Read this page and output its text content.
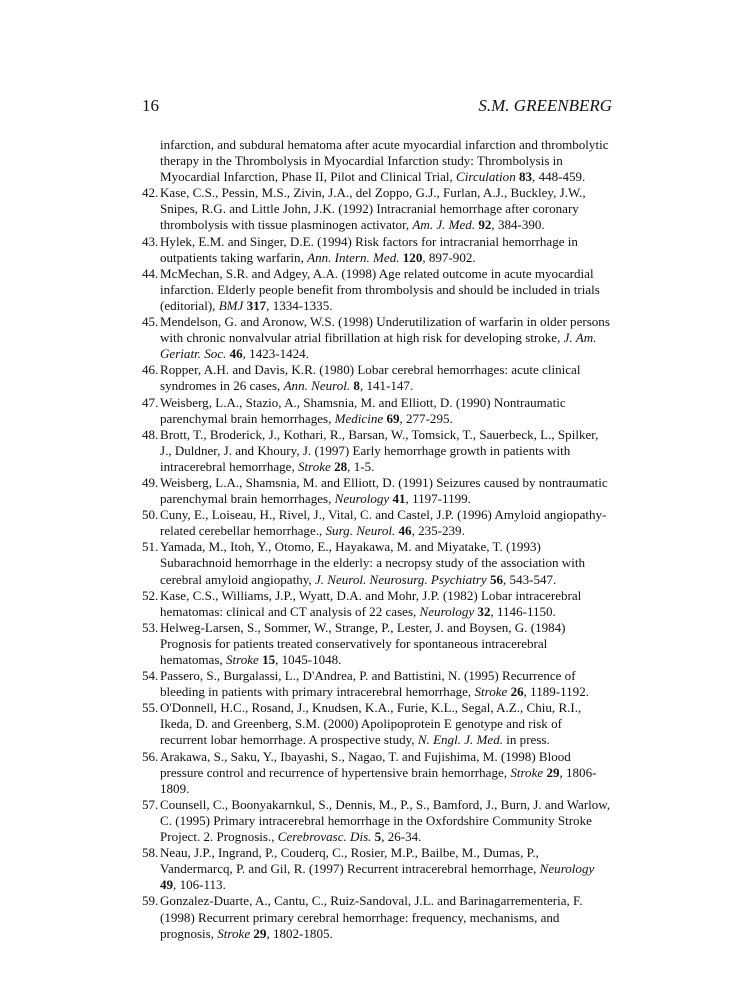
16	S.M. GREENBERG

infarction, and subdural hematoma after acute myocardial infarction and thrombolytic therapy in the Thrombolysis in Myocardial Infarction study: Thrombolysis in Myocardial Infarction, Phase II, Pilot and Clinical Trial, Circulation 83, 448-459.

42. Kase, C.S., Pessin, M.S., Zivin, J.A., del Zoppo, G.J., Furlan, A.J., Buckley, J.W., Snipes, R.G. and Little John, J.K. (1992) Intracranial hemorrhage after coronary thrombolysis with tissue plasminogen activator, Am. J. Med. 92, 384-390.

43. Hylek, E.M. and Singer, D.E. (1994) Risk factors for intracranial hemorrhage in outpatients taking warfarin, Ann. Intern. Med. 120, 897-902.

44. McMechan, S.R. and Adgey, A.A. (1998) Age related outcome in acute myocardial infarction. Elderly people benefit from thrombolysis and should be included in trials (editorial), BMJ 317, 1334-1335.

45. Mendelson, G. and Aronow, W.S. (1998) Underutilization of warfarin in older persons with chronic nonvalvular atrial fibrillation at high risk for developing stroke, J. Am. Geriatr. Soc. 46, 1423-1424.

46. Ropper, A.H. and Davis, K.R. (1980) Lobar cerebral hemorrhages: acute clinical syndromes in 26 cases, Ann. Neurol. 8, 141-147.

47. Weisberg, L.A., Stazio, A., Shamsnia, M. and Elliott, D. (1990) Nontraumatic parenchymal brain hemorrhages, Medicine 69, 277-295.

48. Brott, T., Broderick, J., Kothari, R., Barsan, W., Tomsick, T., Sauerbeck, L., Spilker, J., Duldner, J. and Khoury, J. (1997) Early hemorrhage growth in patients with intracerebral hemorrhage, Stroke 28, 1-5.

49. Weisberg, L.A., Shamsnia, M. and Elliott, D. (1991) Seizures caused by nontraumatic parenchymal brain hemorrhages, Neurology 41, 1197-1199.

50. Cuny, E., Loiseau, H., Rivel, J., Vital, C. and Castel, J.P. (1996) Amyloid angiopathy-related cerebellar hemorrhage., Surg. Neurol. 46, 235-239.

51. Yamada, M., Itoh, Y., Otomo, E., Hayakawa, M. and Miyatake, T. (1993) Subarachnoid hemorrhage in the elderly: a necropsy study of the association with cerebral amyloid angiopathy, J. Neurol. Neurosurg. Psychiatry 56, 543-547.

52. Kase, C.S., Williams, J.P., Wyatt, D.A. and Mohr, J.P. (1982) Lobar intracerebral hematomas: clinical and CT analysis of 22 cases, Neurology 32, 1146-1150.

53. Helweg-Larsen, S., Sommer, W., Strange, P., Lester, J. and Boysen, G. (1984) Prognosis for patients treated conservatively for spontaneous intracerebral hematomas, Stroke 15, 1045-1048.

54. Passero, S., Burgalassi, L., D'Andrea, P. and Battistini, N. (1995) Recurrence of bleeding in patients with primary intracerebral hemorrhage, Stroke 26, 1189-1192.

55. O'Donnell, H.C., Rosand, J., Knudsen, K.A., Furie, K.L., Segal, A.Z., Chiu, R.I., Ikeda, D. and Greenberg, S.M. (2000) Apolipoprotein E genotype and risk of recurrent lobar hemorrhage. A prospective study, N. Engl. J. Med. in press.

56. Arakawa, S., Saku, Y., Ibayashi, S., Nagao, T. and Fujishima, M. (1998) Blood pressure control and recurrence of hypertensive brain hemorrhage, Stroke 29, 1806-1809.

57. Counsell, C., Boonyakarnkul, S., Dennis, M., P., S., Bamford, J., Burn, J. and Warlow, C. (1995) Primary intracerebral hemorrhage in the Oxfordshire Community Stroke Project. 2. Prognosis., Cerebrovasc. Dis. 5, 26-34.

58. Neau, J.P., Ingrand, P., Couderq, C., Rosier, M.P., Bailbe, M., Dumas, P., Vandermarcq, P. and Gil, R. (1997) Recurrent intracerebral hemorrhage, Neurology 49, 106-113.

59. Gonzalez-Duarte, A., Cantu, C., Ruiz-Sandoval, J.L. and Barinagarrementeria, F. (1998) Recurrent primary cerebral hemorrhage: frequency, mechanisms, and prognosis, Stroke 29, 1802-1805.
